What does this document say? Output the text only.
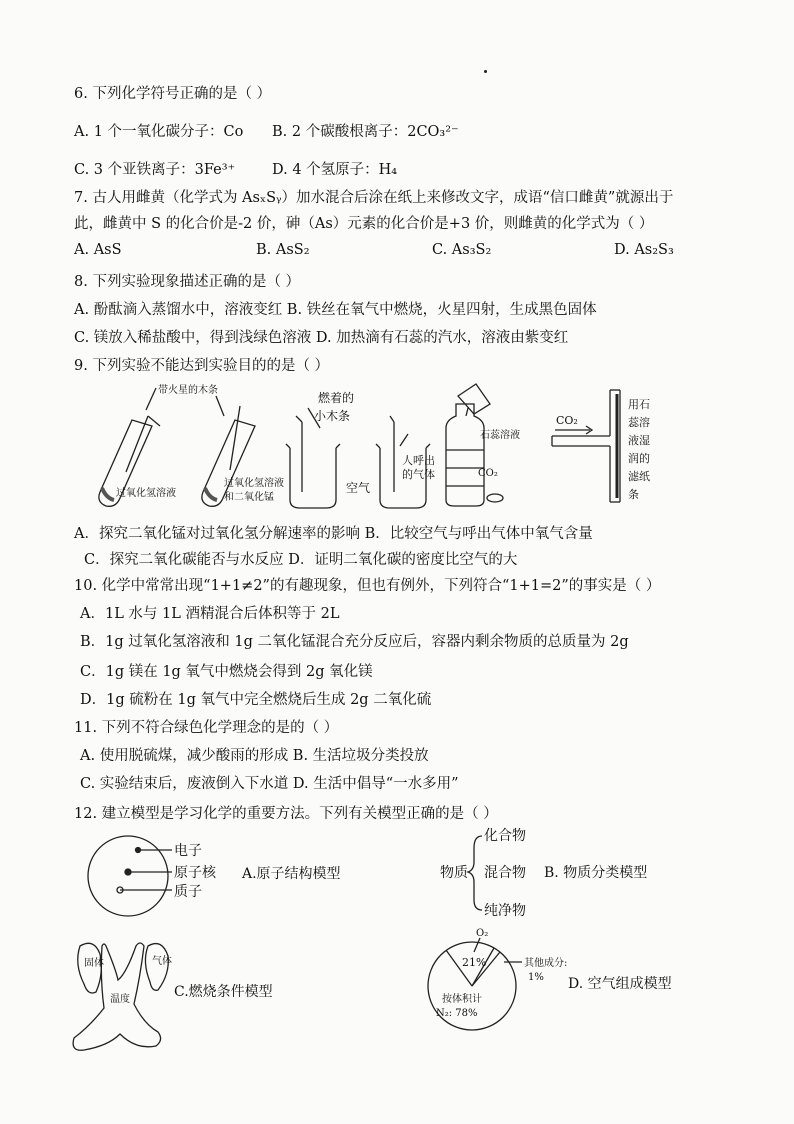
6. 下列化学符号正确的是（ ）
A. 1 个一氧化碳分子：Co B. 2 个碳酸根离子：2CO₃²⁻
C. 3 个亚铁离子：3Fe³⁺	D. 4 个氢原子：H₄
7. 古人用雌黄（化学式为 AsₓSᵧ）加水混合后涂在纸上来修改文字，成语“信口雌黄”就源出于
此，雌黄中 S 的化合价是-2 价，砷（As）元素的化合价是+3 价，则雌黄的化学式为（ ）
A. AsS	B. AsS₂	C. As₃S₂	D. As₂S₃
8. 下列实验现象描述正确的是（ ）
A. 酚酞滴入蒸馏水中，溶液变红 B. 铁丝在氧气中燃烧，火星四射，生成黑色固体
C. 镁放入稀盐酸中，得到浅绿色溶液 D. 加热滴有石蕊的汽水，溶液由紫变红
9. 下列实验不能达到实验目的的是（ ）
带火星的木条
过氧化氢溶液
过氧化氢溶液
和二氧化锰
燃着的
小木条
空气
人呼出
的气体
石蕊溶液
CO₂
CO₂
用石
蕊溶
液湿
润的
滤纸
条
A．探究二氧化锰对过氧化氢分解速率的影响 B．比较空气与呼出气体中氧气含量
C．探究二氧化碳能否与水反应 D．证明二氧化碳的密度比空气的大
10. 化学中常常出现“1+1≠2”的有趣现象，但也有例外，下列符合“1+1=2”的事实是（ ）
A．1L 水与 1L 酒精混合后体积等于 2L
B．1g 过氧化氢溶液和 1g 二氧化锰混合充分反应后，容器内剩余物质的总质量为 2g
C．1g 镁在 1g 氧气中燃烧会得到 2g 氧化镁
D．1g 硫粉在 1g 氧气中完全燃烧后生成 2g 二氧化硫
11. 下列不符合绿色化学理念的是的（ ）
A. 使用脱硫煤，减少酸雨的形成 B. 生活垃圾分类投放
C. 实验结束后，废液倒入下水道 D. 生活中倡导“一水多用”
12. 建立模型是学习化学的重要方法。下列有关模型正确的是（ ）
电子
原子核
质子
A.原子结构模型
化合物
物质 混合物
纯净物
B. 物质分类模型
固体
温度
气体
C.燃烧条件模型
O₂
21%	其他成分:
1%
按体积计
N₂: 78%
D. 空气组成模型
